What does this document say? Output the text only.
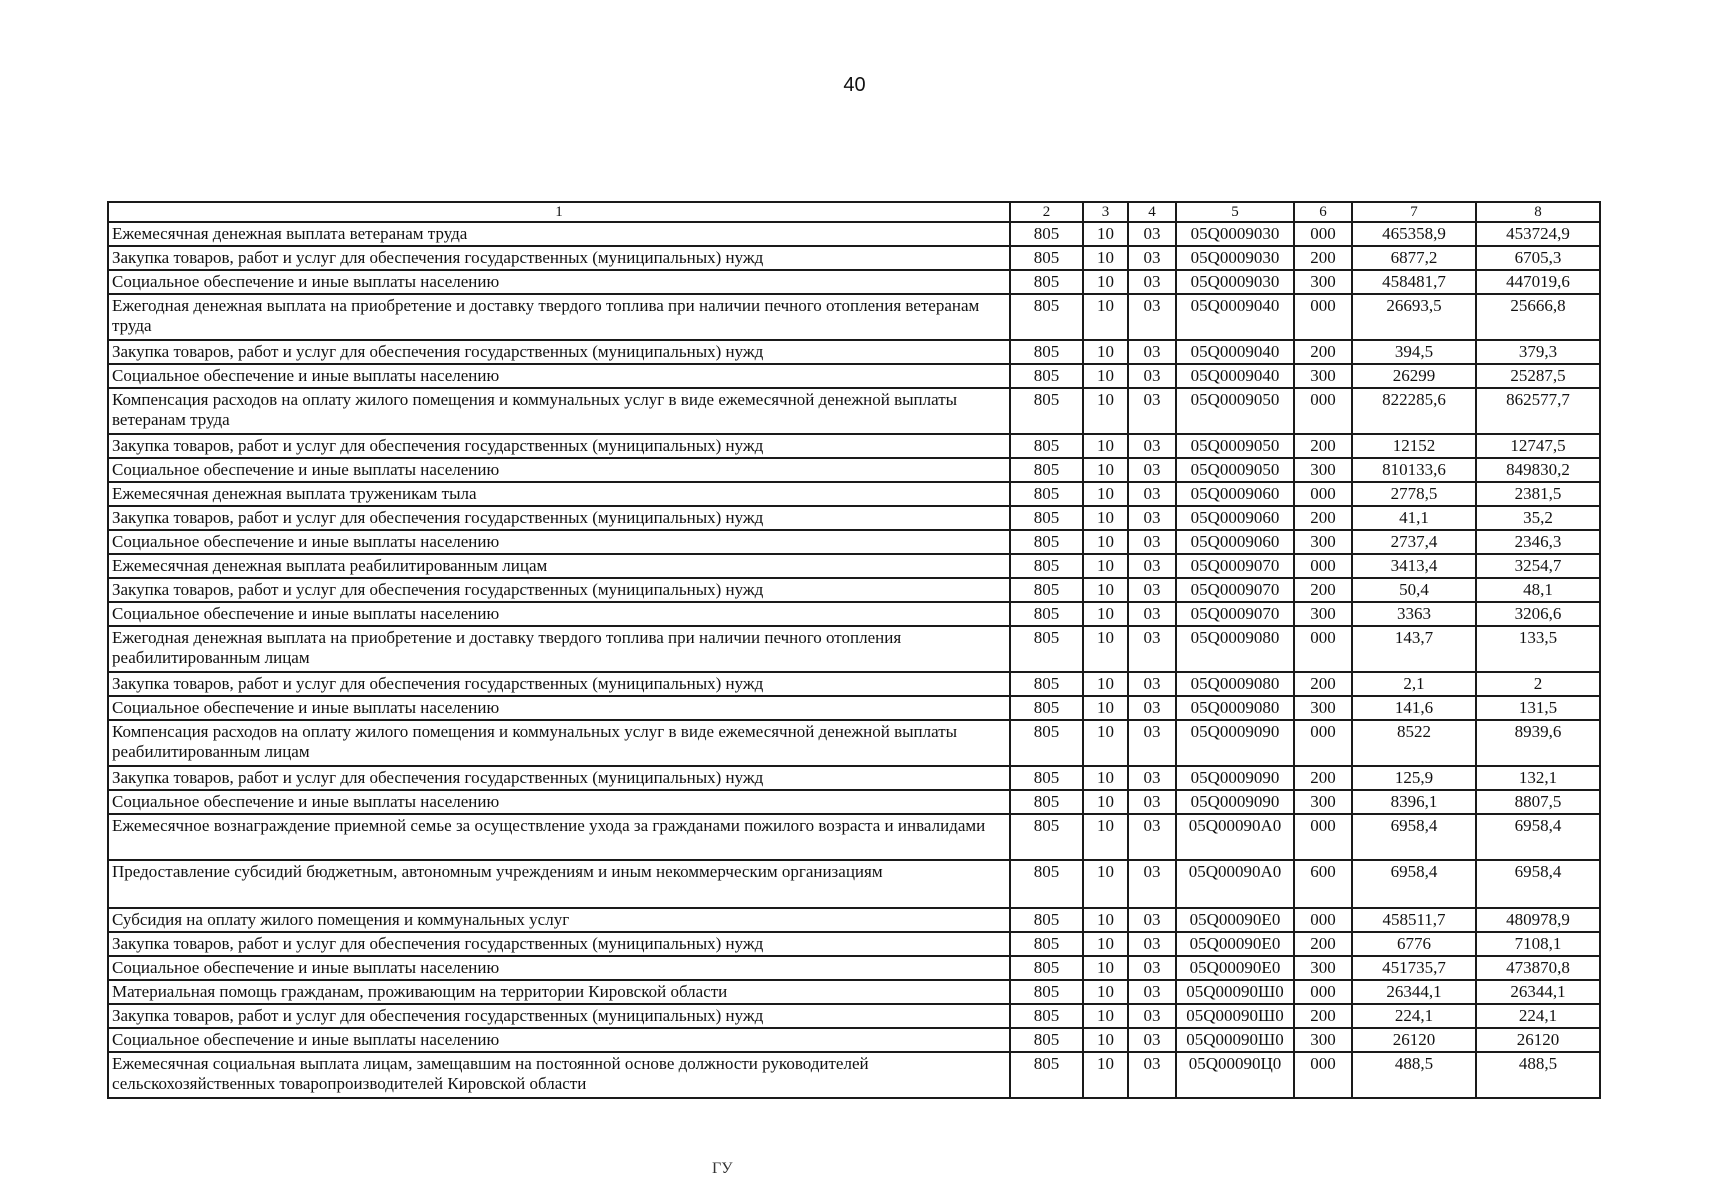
40
1	2	3	4	5	6	7	8
Ежемесячная денежная выплата ветеранам труда	805	10	03	05Q0009030	000	465358,9	453724,9
Закупка товаров, работ и услуг для обеспечения государственных (муниципальных) нужд	805	10	03	05Q0009030	200	6877,2	6705,3
Социальное обеспечение и иные выплаты населению	805	10	03	05Q0009030	300	458481,7	447019,6
Ежегодная денежная выплата на приобретение и доставку твердого топлива при наличии печного отопления ветеранам труда	805	10	03	05Q0009040	000	26693,5	25666,8
Закупка товаров, работ и услуг для обеспечения государственных (муниципальных) нужд	805	10	03	05Q0009040	200	394,5	379,3
Социальное обеспечение и иные выплаты населению	805	10	03	05Q0009040	300	26299	25287,5
Компенсация расходов на оплату жилого помещения и коммунальных услуг в виде ежемесячной денежной выплаты ветеранам труда	805	10	03	05Q0009050	000	822285,6	862577,7
Закупка товаров, работ и услуг для обеспечения государственных (муниципальных) нужд	805	10	03	05Q0009050	200	12152	12747,5
Социальное обеспечение и иные выплаты населению	805	10	03	05Q0009050	300	810133,6	849830,2
Ежемесячная денежная выплата труженикам тыла	805	10	03	05Q0009060	000	2778,5	2381,5
Закупка товаров, работ и услуг для обеспечения государственных (муниципальных) нужд	805	10	03	05Q0009060	200	41,1	35,2
Социальное обеспечение и иные выплаты населению	805	10	03	05Q0009060	300	2737,4	2346,3
Ежемесячная денежная выплата реабилитированным лицам	805	10	03	05Q0009070	000	3413,4	3254,7
Закупка товаров, работ и услуг для обеспечения государственных (муниципальных) нужд	805	10	03	05Q0009070	200	50,4	48,1
Социальное обеспечение и иные выплаты населению	805	10	03	05Q0009070	300	3363	3206,6
Ежегодная денежная выплата на приобретение и доставку твердого топлива при наличии печного отопления реабилитированным лицам	805	10	03	05Q0009080	000	143,7	133,5
Закупка товаров, работ и услуг для обеспечения государственных (муниципальных) нужд	805	10	03	05Q0009080	200	2,1	2
Социальное обеспечение и иные выплаты населению	805	10	03	05Q0009080	300	141,6	131,5
Компенсация расходов на оплату жилого помещения и коммунальных услуг в виде ежемесячной денежной выплаты реабилитированным лицам	805	10	03	05Q0009090	000	8522	8939,6
Закупка товаров, работ и услуг для обеспечения государственных (муниципальных) нужд	805	10	03	05Q0009090	200	125,9	132,1
Социальное обеспечение и иные выплаты населению	805	10	03	05Q0009090	300	8396,1	8807,5
Ежемесячное вознаграждение приемной семье за осуществление ухода за гражданами пожилого возраста и инвалидами	805	10	03	05Q00090A0	000	6958,4	6958,4
Предоставление субсидий бюджетным, автономным учреждениям и иным некоммерческим организациям	805	10	03	05Q00090A0	600	6958,4	6958,4
Субсидия на оплату жилого помещения и коммунальных услуг	805	10	03	05Q00090E0	000	458511,7	480978,9
Закупка товаров, работ и услуг для обеспечения государственных (муниципальных) нужд	805	10	03	05Q00090E0	200	6776	7108,1
Социальное обеспечение и иные выплаты населению	805	10	03	05Q00090E0	300	451735,7	473870,8
Материальная помощь гражданам, проживающим на территории Кировской области	805	10	03	05Q00090Ш0	000	26344,1	26344,1
Закупка товаров, работ и услуг для обеспечения государственных (муниципальных) нужд	805	10	03	05Q00090Ш0	200	224,1	224,1
Социальное обеспечение и иные выплаты населению	805	10	03	05Q00090Ш0	300	26120	26120
Ежемесячная социальная выплата лицам, замещавшим на постоянной основе должности руководителей сельскохозяйственных товаропроизводителей Кировской области	805	10	03	05Q00090Ц0	000	488,5	488,5
ГУ
